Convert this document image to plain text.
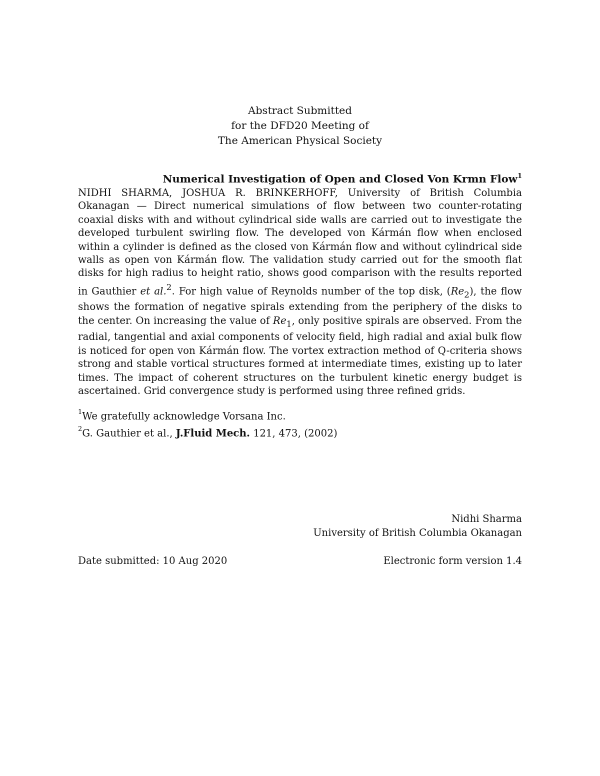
Abstract Submitted
for the DFD20 Meeting of
The American Physical Society
Numerical Investigation of Open and Closed Von Krmn Flow$^1$

NIDHI SHARMA, JOSHUA R. BRINKERHOFF, University of British Columbia Okanagan — Direct numerical simulations of flow between two counter-rotating coaxial disks with and without cylindrical side walls are carried out to investigate the developed turbulent swirling flow. The developed von Kármán flow when enclosed within a cylinder is defined as the closed von Kármán flow and without cylindrical side walls as open von Kármán flow. The validation study carried out for the smooth flat disks for high radius to height ratio, shows good comparison with the results reported in Gauthier et al.$^2$. For high value of Reynolds number of the top disk, $(Re_2)$, the flow shows the formation of negative spirals extending from the periphery of the disks to the center. On increasing the value of $Re_1$, only positive spirals are observed. From the radial, tangential and axial components of velocity field, high radial and axial bulk flow is noticed for open von Kármán flow. The vortex extraction method of Q-criteria shows strong and stable vortical structures formed at intermediate times, existing up to later times. The impact of coherent structures on the turbulent kinetic energy budget is ascertained. Grid convergence study is performed using three refined grids.

$^1$We gratefully acknowledge Vorsana Inc.
$^2$G. Gauthier et al., J.Fluid Mech. 121, 473, (2002)
Nidhi Sharma
University of British Columbia Okanagan
Date submitted: 10 Aug 2020	Electronic form version 1.4
